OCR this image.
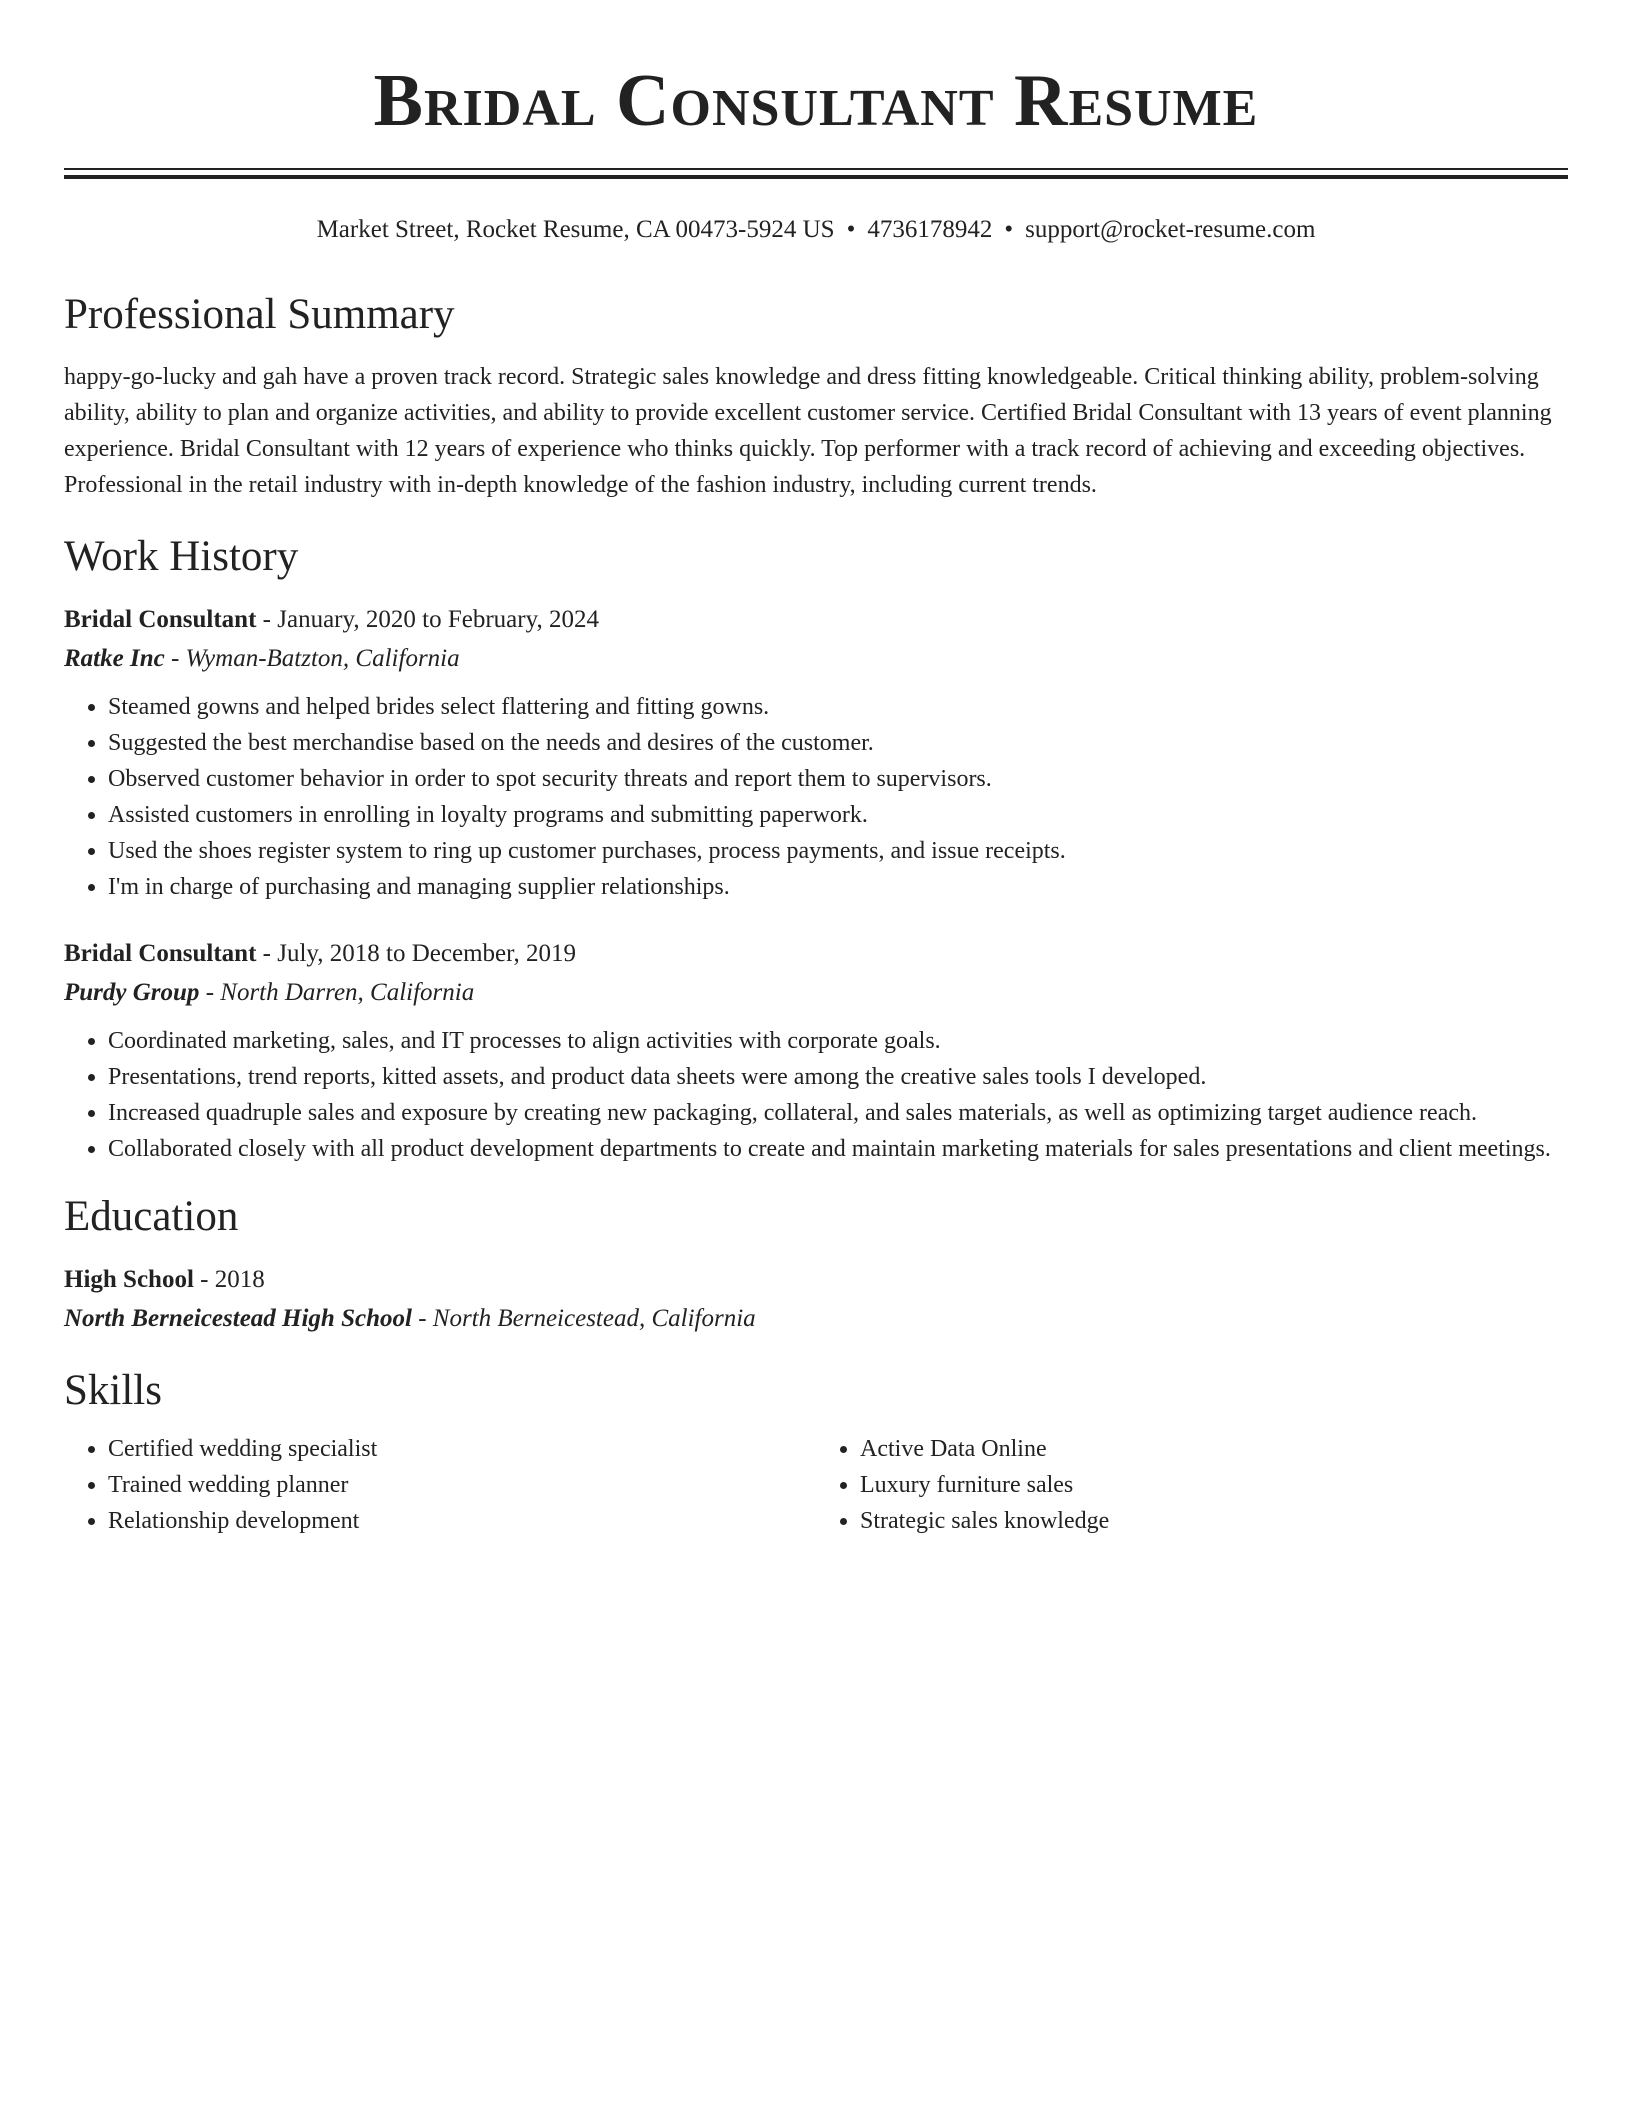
Bridal Consultant Resume
Market Street, Rocket Resume, CA 00473-5924 US • 4736178942 • support@rocket-resume.com
Professional Summary

happy-go-lucky and gah have a proven track record. Strategic sales knowledge and dress fitting knowledgeable. Critical thinking ability, problem-solving ability, ability to plan and organize activities, and ability to provide excellent customer service. Certified Bridal Consultant with 13 years of event planning experience. Bridal Consultant with 12 years of experience who thinks quickly. Top performer with a track record of achieving and exceeding objectives. Professional in the retail industry with in-depth knowledge of the fashion industry, including current trends.

Work History
Bridal Consultant - January, 2020 to February, 2024
Ratke Inc - Wyman-Batzton, California
• Steamed gowns and helped brides select flattering and fitting gowns.
• Suggested the best merchandise based on the needs and desires of the customer.
• Observed customer behavior in order to spot security threats and report them to supervisors.
• Assisted customers in enrolling in loyalty programs and submitting paperwork.
• Used the shoes register system to ring up customer purchases, process payments, and issue receipts.
• I'm in charge of purchasing and managing supplier relationships.
Bridal Consultant - July, 2018 to December, 2019
Purdy Group - North Darren, California
• Coordinated marketing, sales, and IT processes to align activities with corporate goals.
• Presentations, trend reports, kitted assets, and product data sheets were among the creative sales tools I developed.
• Increased quadruple sales and exposure by creating new packaging, collateral, and sales materials, as well as optimizing target audience reach.
• Collaborated closely with all product development departments to create and maintain marketing materials for sales presentations and client meetings.
Education
High School - 2018
North Berneicestead High School - North Berneicestead, California
Skills
• Certified wedding specialist
• Trained wedding planner
• Relationship development
• Active Data Online
• Luxury furniture sales
• Strategic sales knowledge
